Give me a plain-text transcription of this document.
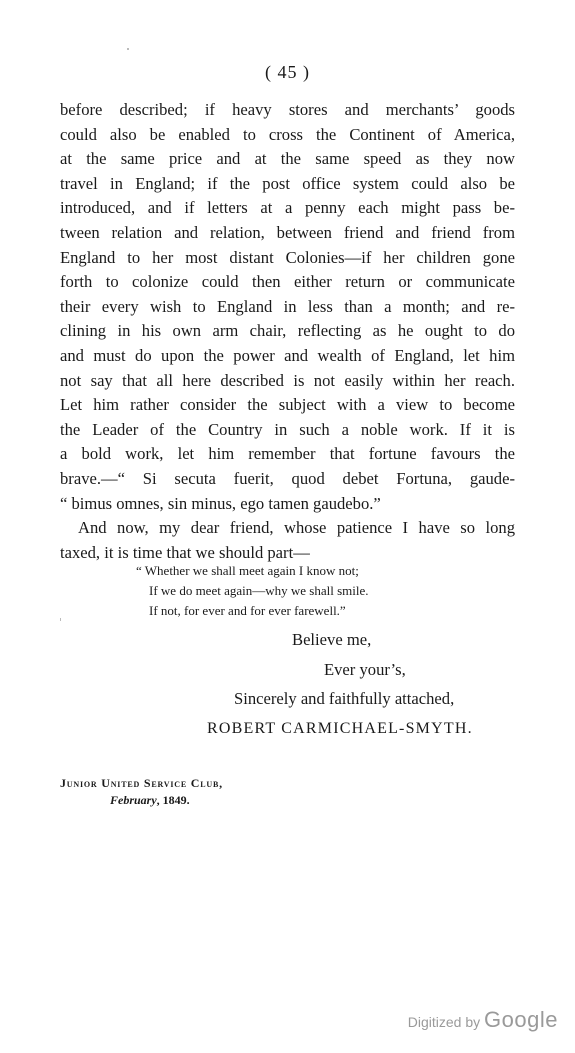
( 45 )
before described; if heavy stores and merchants’ goods
could also be enabled to cross the Continent of America,
at the same price and at the same speed as they now
travel in England; if the post office system could also be
introduced, and if letters at a penny each might pass be-
tween relation and relation, between friend and friend from
England to her most distant Colonies—if her children gone
forth to colonize could then either return or communicate
their every wish to England in less than a month; and re-
clining in his own arm chair, reflecting as he ought to do
and must do upon the power and wealth of England, let him
not say that all here described is not easily within her reach.
Let him rather consider the subject with a view to become
the Leader of the Country in such a noble work. If it is
a bold work, let him remember that fortune favours the
brave.—“ Si secuta fuerit, quod debet Fortuna, gaude-
“ bimus omnes, sin minus, ego tamen gaudebo.”
And now, my dear friend, whose patience I have so long
taxed, it is time that we should part—
“ Whether we shall meet again I know not;
If we do meet again—why we shall smile.
If not, for ever and for ever farewell.”
Believe me,
Ever your’s,
Sincerely and faithfully attached,
ROBERT CARMICHAEL-SMYTH.
Junior United Service Club,
February, 1849.
Digitized by Google
